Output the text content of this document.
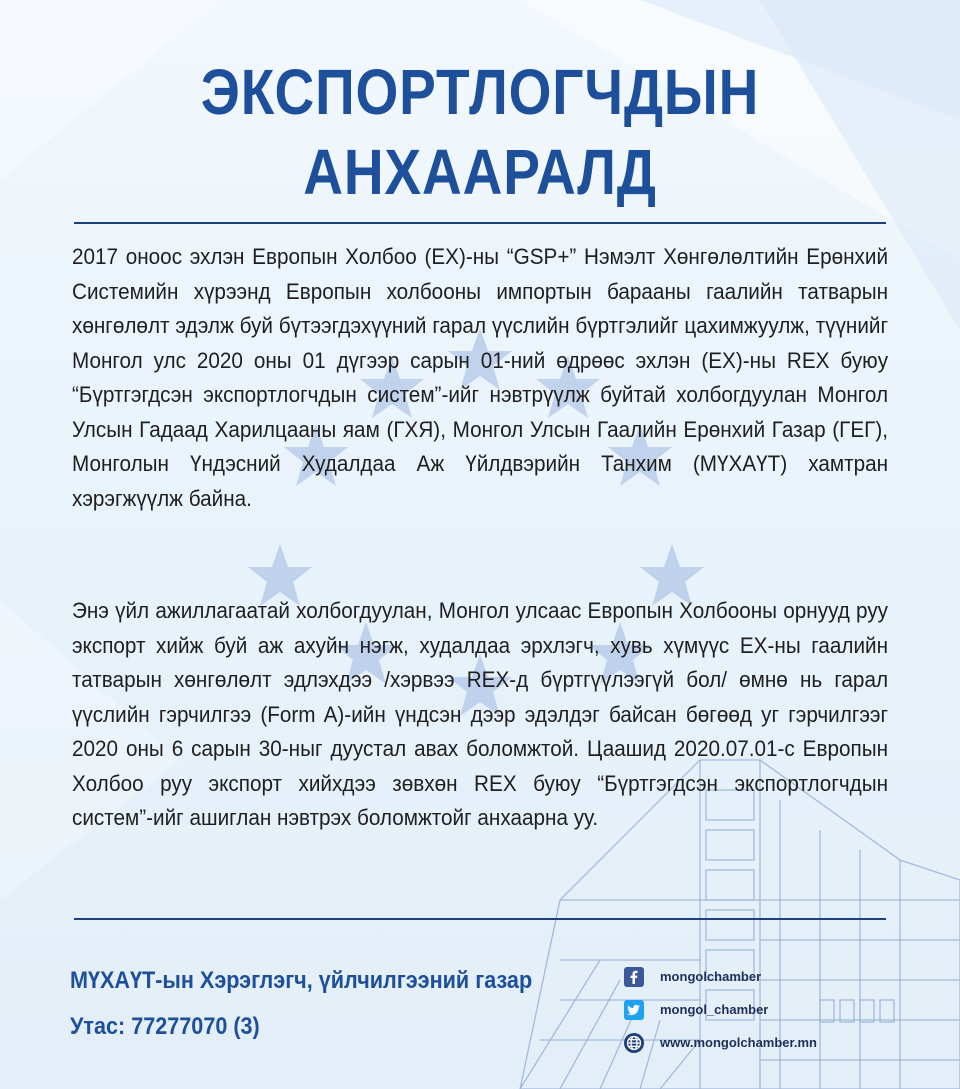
ЭКСПОРТЛОГЧДЫН
АНХААРАЛД

2017 оноос эхлэн Европын Холбоо (ЕХ)-ны “GSP+” Нэмэлт Хөнгөлөлтийн Ерөнхий Системийн хүрээнд Европын холбооны импортын барааны гаалийн татварын хөнгөлөлт эдэлж буй бүтээгдэхүүний гарал үүслийн бүртгэлийг цахимжуулж, түүнийг Монгол улс 2020 оны 01 дүгээр сарын 01-ний өдрөөс эхлэн (ЕХ)-ны REX буюу “Бүртгэгдсэн экспортлогчдын систем”-ийг нэвтрүүлж буйтай холбогдуулан Монгол Улсын Гадаад Харилцааны яам (ГХЯ), Монгол Улсын Гаалийн Ерөнхий Газар (ГЕГ), Монголын Үндэсний Худалдаа Аж Үйлдвэрийн Танхим (МҮХАҮТ) хамтран хэрэгжүүлж байна.

Энэ үйл ажиллагаатай холбогдуулан, Монгол улсаас Европын Холбооны орнууд руу экспорт хийж буй аж ахуйн нэгж, худалдаа эрхлэгч, хувь хүмүүс ЕХ-ны гаалийн татварын хөнгөлөлт эдлэхдээ /хэрвээ REX-д бүртгүүлээгүй бол/ өмнө нь гарал үүслийн гэрчилгээ (Form A)-ийн үндсэн дээр эдэлдэг байсан бөгөөд уг гэрчилгээг 2020 оны 6 сарын 30-ныг дуустал авах боломжтой. Цаашид 2020.07.01-с Европын Холбоо руу экспорт хийхдээ зөвхөн REX буюу “Бүртгэгдсэн экспортлогчдын систем”-ийг ашиглан нэвтрэх боломжтойг анхаарна уу.

МҮХАҮТ-ын Хэрэглэгч, үйлчилгээний газар
Утас: 77277070 (3)
mongolchamber
mongol_chamber
www.mongolchamber.mn
